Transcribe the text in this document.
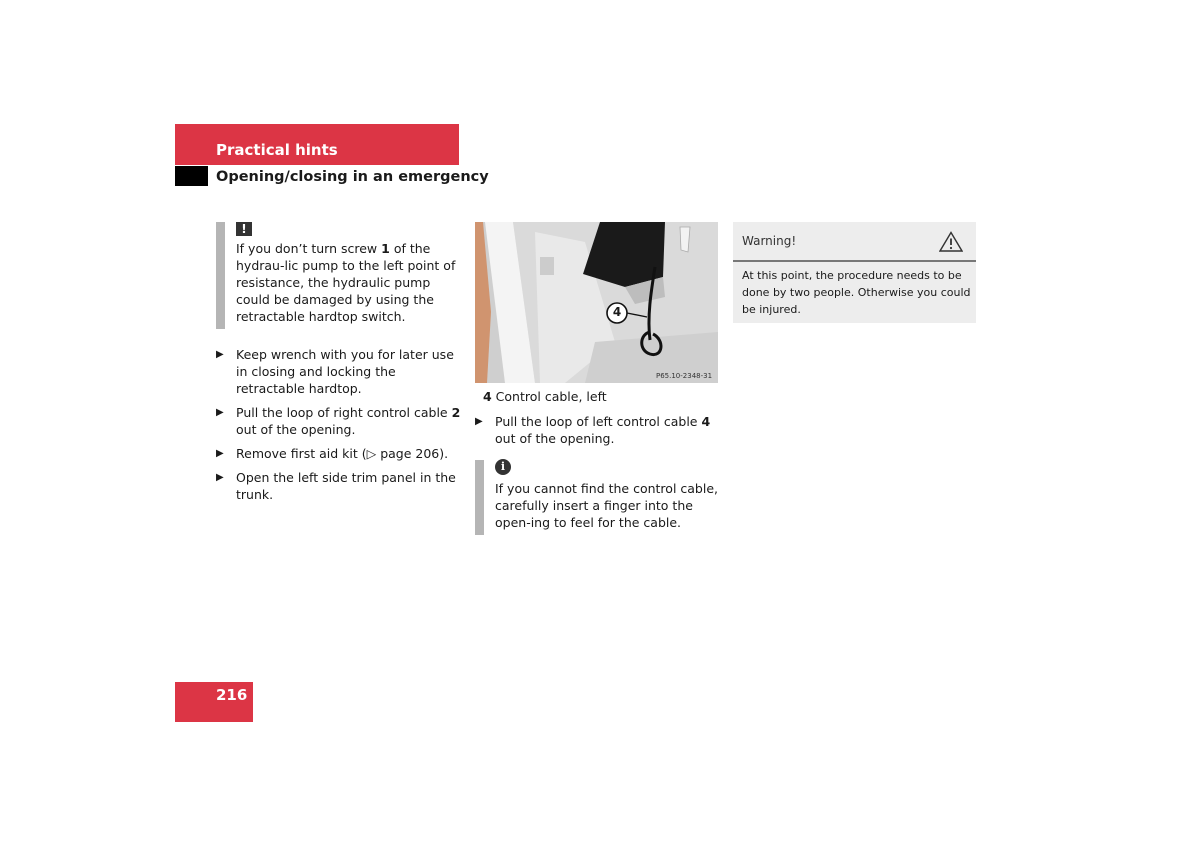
Practical hints
Opening/closing in an emergency
!
If you don’t turn screw 1 of the hydrau-lic pump to the left point of resistance, the hydraulic pump could be damaged by using the retractable hardtop switch.
▶ Keep wrench with you for later use in closing and locking the retractable hardtop.
▶ Pull the loop of right control cable 2 out of the opening.
▶ Remove first aid kit (▷ page 206).
▶ Open the left side trim panel in the trunk.
4
P65.10-2348-31
4 Control cable, left
▶ Pull the loop of left control cable 4 out of the opening.
i
If you cannot find the control cable, carefully insert a finger into the open-ing to feel for the cable.
Warning!
At this point, the procedure needs to be done by two people. Otherwise you could be injured.
216
